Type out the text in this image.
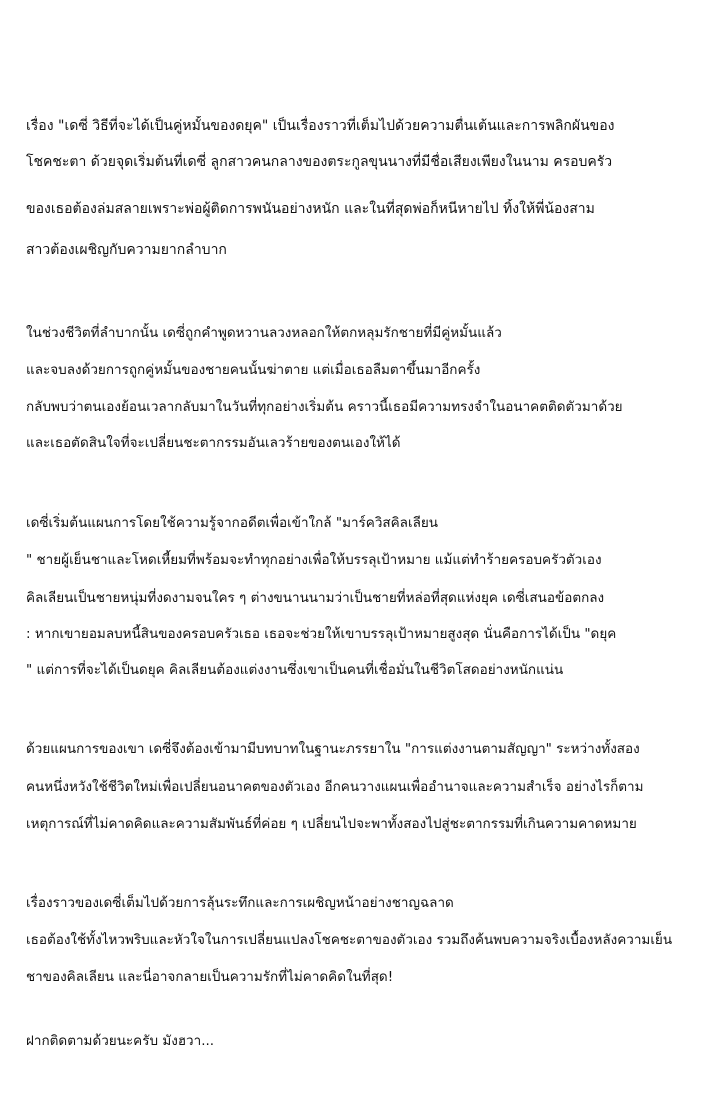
เรื่อง "เดซี่ วิธีที่จะได้เป็นคู่หมั้นของดยุค" เป็นเรื่องราวที่เต็มไปด้วยความตื่นเต้นและการพลิกผันของ
โชคชะตา ด้วยจุดเริ่มต้นที่เดซี่ ลูกสาวคนกลางของตระกูลขุนนางที่มีชื่อเสียงเพียงในนาม ครอบครัว
ของเธอต้องล่มสลายเพราะพ่อผู้ติดการพนันอย่างหนัก และในที่สุดพ่อก็หนีหายไป ทิ้งให้พี่น้องสาม
สาวต้องเผชิญกับความยากลำบาก
ในช่วงชีวิตที่ลำบากนั้น เดซี่ถูกคำพูดหวานลวงหลอกให้ตกหลุมรักชายที่มีคู่หมั้นแล้ว
และจบลงด้วยการถูกคู่หมั้นของชายคนนั้นฆ่าตาย แต่เมื่อเธอลืมตาขึ้นมาอีกครั้ง
กลับพบว่าตนเองย้อนเวลากลับมาในวันที่ทุกอย่างเริ่มต้น คราวนี้เธอมีความทรงจำในอนาคตติดตัวมาด้วย
และเธอตัดสินใจที่จะเปลี่ยนชะตากรรมอันเลวร้ายของตนเองให้ได้
เดซี่เริ่มต้นแผนการโดยใช้ความรู้จากอดีตเพื่อเข้าใกล้ "มาร์ควิสคิลเลียน
" ชายผู้เย็นชาและโหดเหี้ยมที่พร้อมจะทำทุกอย่างเพื่อให้บรรลุเป้าหมาย แม้แต่ทำร้ายครอบครัวตัวเอง
คิลเลียนเป็นชายหนุ่มที่งดงามจนใคร ๆ ต่างขนานนามว่าเป็นชายที่หล่อที่สุดแห่งยุค เดซี่เสนอข้อตกลง
: หากเขายอมลบหนี้สินของครอบครัวเธอ เธอจะช่วยให้เขาบรรลุเป้าหมายสูงสุด นั่นคือการได้เป็น "ดยุค
" แต่การที่จะได้เป็นดยุค คิลเลียนต้องแต่งงานซึ่งเขาเป็นคนที่เชื่อมั่นในชีวิตโสดอย่างหนักแน่น
ด้วยแผนการของเขา เดซี่จึงต้องเข้ามามีบทบาทในฐานะภรรยาใน "การแต่งงานตามสัญญา" ระหว่างทั้งสอง
คนหนึ่งหวังใช้ชีวิตใหม่เพื่อเปลี่ยนอนาคตของตัวเอง อีกคนวางแผนเพื่ออำนาจและความสำเร็จ อย่างไรก็ตาม
เหตุการณ์ที่ไม่คาดคิดและความสัมพันธ์ที่ค่อย ๆ เปลี่ยนไปจะพาทั้งสองไปสู่ชะตากรรมที่เกินความคาดหมาย
เรื่องราวของเดซี่เต็มไปด้วยการลุ้นระทึกและการเผชิญหน้าอย่างชาญฉลาด
เธอต้องใช้ทั้งไหวพริบและหัวใจในการเปลี่ยนแปลงโชคชะตาของตัวเอง รวมถึงค้นพบความจริงเบื้องหลังความเย็น
ชาของคิลเลียน และนี่อาจกลายเป็นความรักที่ไม่คาดคิดในที่สุด!
ฝากติดตามด้วยนะครับ มังฮวา...
